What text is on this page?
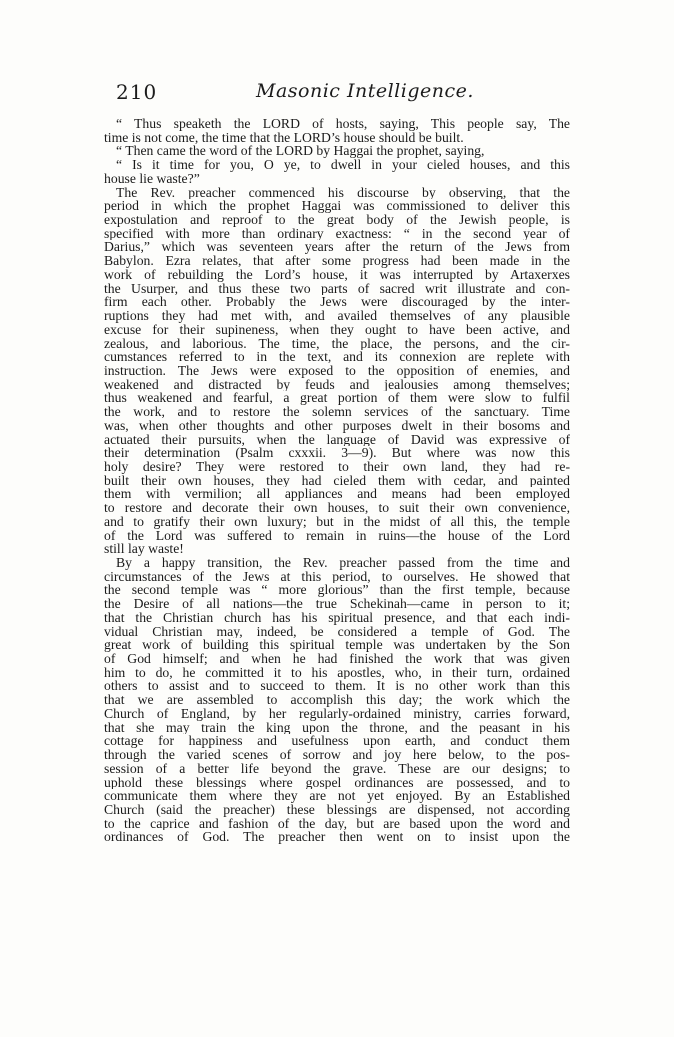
210	Masonic Intelligence.
“ Thus speaketh the LORD of hosts, saying, This people say, The
time is not come, the time that the LORD’s house should be built.
“ Then came the word of the LORD by Haggai the prophet, saying,
“ Is it time for you, O ye, to dwell in your cieled houses, and this
house lie waste?”
The Rev. preacher commenced his discourse by observing, that the
period in which the prophet Haggai was commissioned to deliver this
expostulation and reproof to the great body of the Jewish people, is
specified with more than ordinary exactness: “ in the second year of
Darius,” which was seventeen years after the return of the Jews from
Babylon. Ezra relates, that after some progress had been made in the
work of rebuilding the Lord’s house, it was interrupted by Artaxerxes
the Usurper, and thus these two parts of sacred writ illustrate and con-
firm each other. Probably the Jews were discouraged by the inter-
ruptions they had met with, and availed themselves of any plausible
excuse for their supineness, when they ought to have been active, and
zealous, and laborious. The time, the place, the persons, and the cir-
cumstances referred to in the text, and its connexion are replete with
instruction. The Jews were exposed to the opposition of enemies, and
weakened and distracted by feuds and jealousies among themselves;
thus weakened and fearful, a great portion of them were slow to fulfil
the work, and to restore the solemn services of the sanctuary. Time
was, when other thoughts and other purposes dwelt in their bosoms and
actuated their pursuits, when the language of David was expressive of
their determination (Psalm cxxxii. 3—9). But where was now this
holy desire? They were restored to their own land, they had re-
built their own houses, they had cieled them with cedar, and painted
them with vermilion; all appliances and means had been employed
to restore and decorate their own houses, to suit their own convenience,
and to gratify their own luxury; but in the midst of all this, the temple
of the Lord was suffered to remain in ruins—the house of the Lord
still lay waste!
By a happy transition, the Rev. preacher passed from the time and
circumstances of the Jews at this period, to ourselves. He showed that
the second temple was “ more glorious” than the first temple, because
the Desire of all nations—the true Schekinah—came in person to it;
that the Christian church has his spiritual presence, and that each indi-
vidual Christian may, indeed, be considered a temple of God. The
great work of building this spiritual temple was undertaken by the Son
of God himself; and when he had finished the work that was given
him to do, he committed it to his apostles, who, in their turn, ordained
others to assist and to succeed to them. It is no other work than this
that we are assembled to accomplish this day; the work which the
Church of England, by her regularly-ordained ministry, carries forward,
that she may train the king upon the throne, and the peasant in his
cottage for happiness and usefulness upon earth, and conduct them
through the varied scenes of sorrow and joy here below, to the pos-
session of a better life beyond the grave. These are our designs; to
uphold these blessings where gospel ordinances are possessed, and to
communicate them where they are not yet enjoyed. By an Established
Church (said the preacher) these blessings are dispensed, not according
to the caprice and fashion of the day, but are based upon the word and
ordinances of God. The preacher then went on to insist upon the
